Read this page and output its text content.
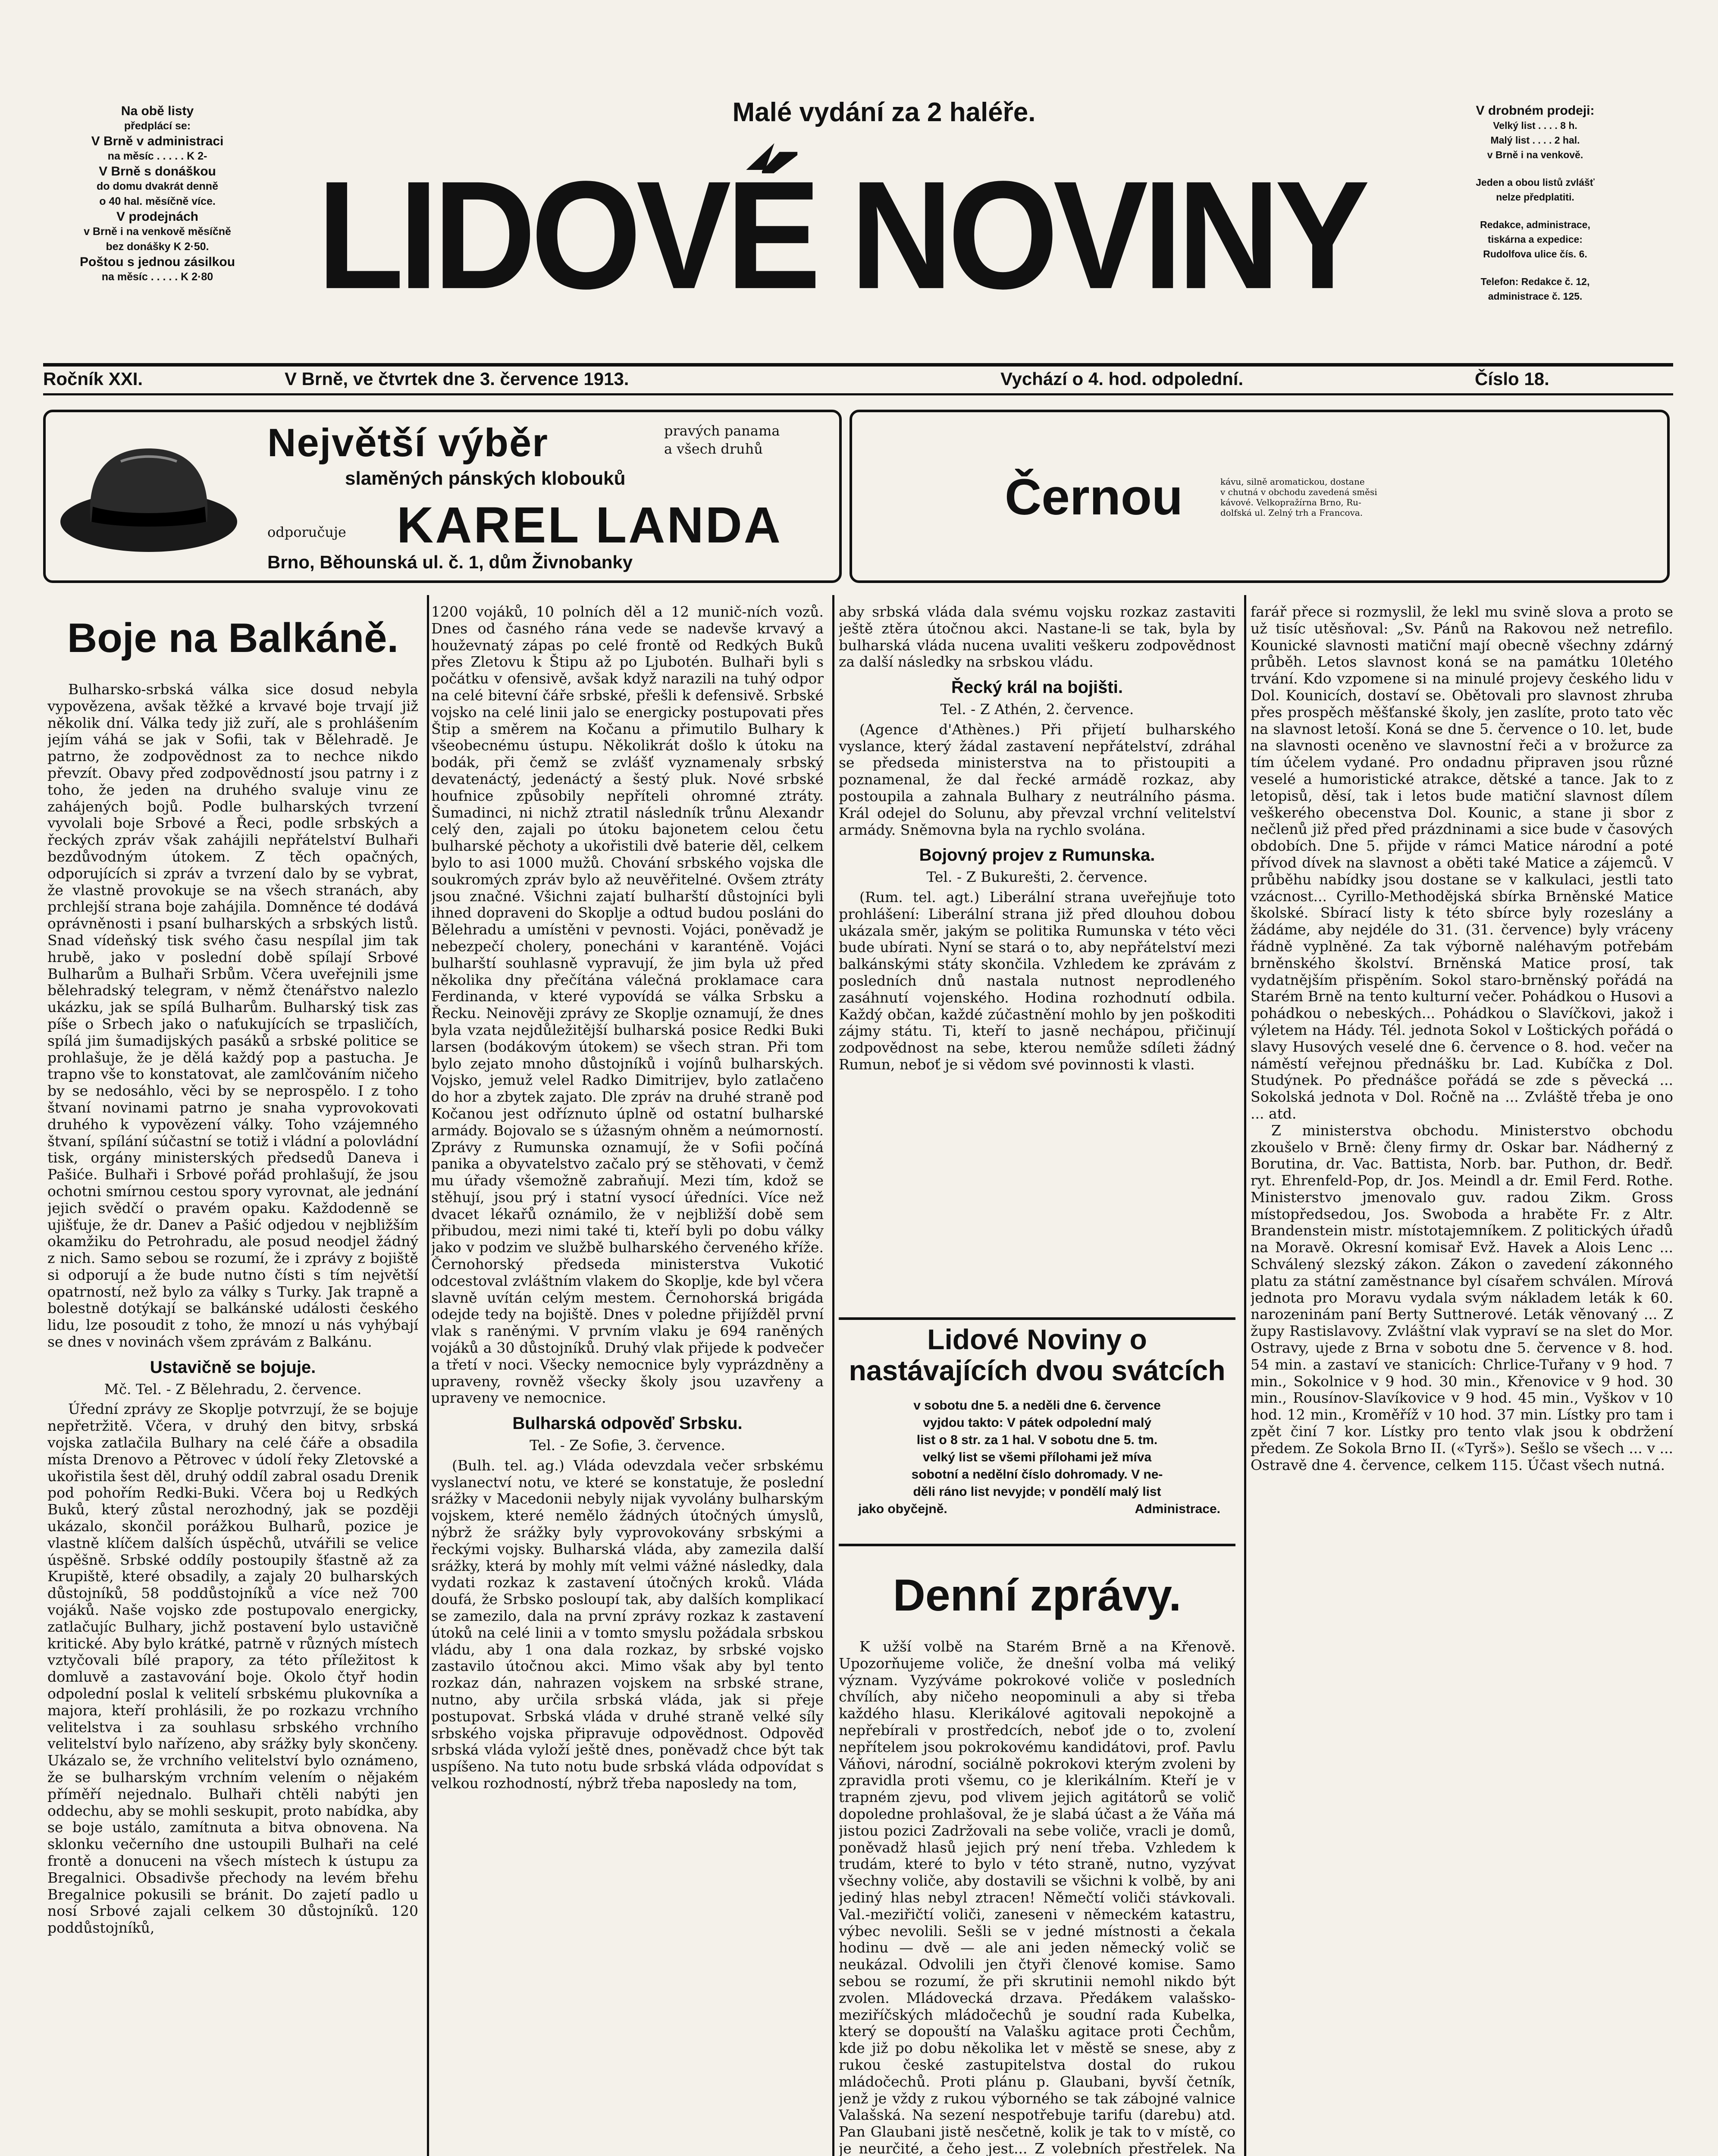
Na obě listy
předplácí se:
V Brně v administraci
na měsíc . . . . . K 2-
V Brně s donáškou
do domu dvakrát denně
o 40 hal. měsíčně více.
V prodejnách
v Brně i na venkově měsíčně
bez donášky K 2·50.
Poštou s jednou zásilkou
na měsíc . . . . . K 2·80
Malé vydání za 2 haléře.
LIDOVÉ NOVINY
V drobném prodeji:
Velký list . . . . 8 h.
Malý list . . . . 2 hal.
v Brně i na venkově.
Jeden a obou listů zvlášť
nelze předplatiti.
Redakce, administrace,
tiskárna a expedice:
Rudolfova ulice čís. 6.
Telefon: Redakce č. 12,
administrace č. 125.
Ročník XXI.	V Brně, ve čtvrtek dne 3. července 1913.	Vychází o 4. hod. odpolední.	Číslo 18.
Největší výběr	pravých panama
a všech druhů
slaměných pánských klobouků
odporučuje KAREL LANDA
Brno, Běhounská ul. č. 1, dům Živnobanky
Černou	kávu, silně aromatickou, dostane
v chutná v obchodu zavedená směsi
kávové. Velkopražírna Brno, Ru-
dolfská ul. Zelný trh a Francova.
Boje na Balkáně.

Bulharsko-srbská válka sice dosud nebyla vypovězena, avšak těžké a krvavé boje trvají již několik dní. Válka tedy již zuří, ale s prohlášením jejím váhá se jak v Sofii, tak v Bělehradě. Je patrno, že zodpovědnost za to nechce nikdo převzít. Obavy před zodpovědností jsou patrny i z toho, že jeden na druhého svaluje vinu ze zahájených bojů. Podle bulharských tvrzení vyvolali boje Srbové a Řeci, podle srbských a řeckých zpráv však zahájili nepřátelství Bulhaři bezdůvodným útokem. Z těch opačných, odporujících si zpráv a tvrzení dalo by se vybrat, že vlastně provokuje se na všech stranách, aby prchlejší strana boje zahájila. Domněnce té dodává oprávněnosti i psaní bulharských a srbských listů. Snad vídeňský tisk svého času nespílal jim tak hrubě, jako v poslední době spílají Srbové Bulharům a Bulhaři Srbům. Včera uveřejnili jsme bělehradský telegram, v němž čtenářstvo nalezlo ukázku, jak se spílá Bulharům. Bulharský tisk zas píše o Srbech jako o naťukujících se trpasličích, spílá jim šumadijských pasáků a srbské politice se prohlašuje, že je dělá každý pop a pastucha. Je trapno vše to konstatovat, ale zamlčováním ničeho by se nedosáhlo, věci by se neprospělo. I z toho štvaní novinami patrno je snaha vyprovokovati druhého k vypovězení války. Toho vzájemného štvaní, spílání súčastní se totiž i vládní a polovládní tisk, orgány ministerských předsedů Daneva i Pašiće. Bulhaři i Srbové pořád prohlašují, že jsou ochotni smírnou cestou spory vyrovnat, ale jednání jejich svědčí o pravém opaku. Každodenně se ujišťuje, že dr. Danev a Pašić odjedou v nejbližším okamžiku do Petrohradu, ale posud neodjel žádný z nich. Samo sebou se rozumí, že i zprávy z bojiště si odporují a že bude nutno čísti s tím největší opatrností, než bylo za války s Turky. Jak trapně a bolestně dotýkají se balkánské události českého lidu, lze posoudit z toho, že mnozí u nás vyhýbají se dnes v novinách všem zprávám z Balkánu.

Ustavičně se bojuje.

Mč. Tel. - Z Bělehradu, 2. července.

Úřední zprávy ze Skoplje potvrzují, že se bojuje nepřetržitě. Včera, v druhý den bitvy, srbská vojska zatlačila Bulhary na celé čáře a obsadila místa Drenovo a Pětrovec v údolí řeky Zletovské a ukořistila šest děl, druhý oddíl zabral osadu Drenik pod pohořím Redki-Buki. Včera boj u Redkých Buků, který zůstal nerozhodný, jak se později ukázalo, skončil porážkou Bulharů, pozice je vlastně klíčem dalších úspěchů, utvářili se velice úspěšně. Srbské oddíly postoupily šťastně až za Krupiště, které obsadily, a zajaly 20 bulharských důstojníků, 58 poddůstojníků a více než 700 vojáků. Naše vojsko zde postupovalo energicky, zatlačujíc Bulhary, jichž postavení bylo ustavičně kritické. Aby bylo krátké, patrně v různých místech vztyčovali bílé prapory, za této příležitost k domluvě a zastavování boje. Okolo čtyř hodin odpolední poslal k velitelí srbskému plukovníka a majora, kteří prohlásili, že po rozkazu vrchního velitelstva i za souhlasu srbského vrchního velitelství bylo nařízeno, aby srážky byly skončeny. Ukázalo se, že vrchního velitelství bylo oznámeno, že se bulharským vrchním velením o nějakém příměří nejednalo. Bulhaři chtěli nabýti jen oddechu, aby se mohli seskupit, proto nabídka, aby se boje ustálo, zamítnuta a bitva obnovena. Na sklonku večerního dne ustoupili Bulhaři na celé frontě a donuceni na všech místech k ústupu za Bregalnici. Obsadivše přechody na levém břehu Bregalnice pokusili se bránit. Do zajetí padlo u nosí Srbové zajali celkem 30 důstojníků. 120 poddůstojníků,

1200 vojáků, 10 polních děl a 12 munič-ních vozů. Dnes od časného rána vede se nadevše krvavý a houževnatý zápas po celé frontě od Redkých Buků přes Zletovu k Štipu až po Ljubotén. Bulhaři byli s počátku v ofensivě, avšak když narazili na tuhý odpor na celé bitevní čáře srbské, přešli k defensivě. Srbské vojsko na celé linii jalo se energicky postupovati přes Štip a směrem na Kočanu a přimutilo Bulhary k všeobecnému ústupu. Několikrát došlo k útoku na bodák, při čemž se zvlášť vyznamenaly srbský devatenáctý, jedenáctý a šestý pluk. Nové srbské houfnice způsobily nepříteli ohromné ztráty. Šumadinci, ni nichž ztratil následník trůnu Alexandr celý den, zajali po útoku bajonetem celou četu bulharské pěchoty a ukořistili dvě baterie děl, celkem bylo to asi 1000 mužů. Chování srbského vojska dle soukromých zpráv bylo až neuvěřitelné. Ovšem ztráty jsou značné. Všichni zajatí bulharští důstojníci byli ihned dopraveni do Skoplje a odtud budou posláni do Bělehradu a umístěni v pevnosti. Vojáci, poněvadž je nebezpečí cholery, ponecháni v karanténě. Vojáci bulharští souhlasně vypravují, že jim byla už před několika dny přečítána válečná proklamace cara Ferdinanda, v které vypovídá se válka Srbsku a Řecku. Neinověji zprávy ze Skoplje oznamují, že dnes byla vzata nejdůležitější bulharská posice Redki Buki larsen (bodákovým útokem) se všech stran. Při tom bylo zejato mnoho důstojníků i vojínů bulharských. Vojsko, jemuž velel Radko Dimitrijev, bylo zatlačeno do hor a zbytek zajato. Dle zpráv na druhé straně pod Kočanou jest odříznuto úplně od ostatní bulharské armády. Bojovalo se s úžasným ohněm a neúmorností. Zprávy z Rumunska oznamují, že v Sofii počíná panika a obyvatelstvo začalo prý se stěhovati, v čemž mu úřady všemožně zabraňují. Mezi tím, kdož se stěhují, jsou prý i statní vysocí úředníci. Více než dvacet lékařů oznámilo, že v nejbližší době sem přibudou, mezi nimi také ti, kteří byli po dobu války jako v podzim ve službě bulharského červeného kříže. Černohorský předseda ministerstva Vukotić odcestoval zvláštním vlakem do Skoplje, kde byl včera slavně uvítán celým mestem. Černohorská brigáda odejde tedy na bojiště. Dnes v poledne přijížděl první vlak s raněnými. V prvním vlaku je 694 raněných vojáků a 30 důstojníků. Druhý vlak přijede k podvečer a třetí v noci. Všecky nemocnice byly vyprázdněny a upraveny, rovněž všecky školy jsou uzavřeny a upraveny ve nemocnice.

Bulharská odpověď Srbsku.

Tel. - Ze Sofie, 3. července.

(Bulh. tel. ag.) Vláda odevzdala večer srbskému vyslanectví notu, ve které se konstatuje, že poslední srážky v Macedonii nebyly nijak vyvolány bulharským vojskem, které nemělo žádných útočných úmyslů, nýbrž že srážky byly vyprovokovány srbskými a řeckými vojsky. Bulharská vláda, aby zamezila další srážky, která by mohly mít velmi vážné následky, dala vydati rozkaz k zastavení útočných kroků. Vláda doufá, že Srbsko posloupí tak, aby dalších komplikací se zamezilo, dala na první zprávy rozkaz k zastavení útoků na celé linii a v tomto smyslu požádala srbskou vládu, aby 1 ona dala rozkaz, by srbské vojsko zastavilo útočnou akci. Mimo však aby byl tento rozkaz dán, nahrazen vojskem na srbské strane, nutno, aby určila srbská vláda, jak si přeje postupovat. Srbská vláda v druhé straně velké síly srbského vojska připravuje odpovědnost. Odpověď srbská vláda vyloží ještě dnes, poněvadž chce být tak uspíšeno. Na tuto notu bude srbská vláda odpovídat s velkou rozhodností, nýbrž třeba naposledy na tom,

aby srbská vláda dala svému vojsku rozkaz zastaviti ještě ztěra útočnou akci. Nastane-li se tak, byla by bulharská vláda nucena uvaliti veškeru zodpovědnost za další následky na srbskou vládu.

Řecký král na bojišti.

Tel. - Z Athén, 2. července.

(Agence d'Athènes.) Při přijetí bulharského vyslance, který žádal zastavení nepřátelství, zdráhal se předseda ministerstva na to přistoupiti a poznamenal, že dal řecké armádě rozkaz, aby postoupila a zahnala Bulhary z neutrálního pásma. Král odejel do Solunu, aby převzal vrchní velitelství armády. Sněmovna byla na rychlo svolána.

Bojovný projev z Rumunska.

Tel. - Z Bukurešti, 2. července.

(Rum. tel. agt.) Liberální strana uveřejňuje toto prohlášení: Liberální strana již před dlouhou dobou ukázala směr, jakým se politika Rumunska v této věci bude ubírati. Nyní se stará o to, aby nepřátelství mezi balkánskými státy skončila. Vzhledem ke zprávám z posledních dnů nastala nutnost neprodleného zasáhnutí vojenského. Hodina rozhodnutí odbila. Každý občan, každé zúčastnění mohlo by jen poškoditi zájmy státu. Ti, kteří to jasně nechápou, přičinují zodpovědnost na sebe, kterou nemůže sdíleti žádný Rumun, neboť je si vědom své povinnosti k vlasti.

Lidové Noviny o nastávajících dvou svátcích
v sobotu dne 5. a neděli dne 6. července
vyjdou takto: V pátek odpolední malý
list o 8 str. za 1 hal. V sobotu dne 5. tm.
velký list se všemi přílohami jež míva
sobotní a nedělní číslo dohromady. V ne-
děli ráno list nevyjde; v pondělí malý list
jako obyčejně.	Administrace.
Denní zprávy.

K užší volbě na Starém Brně a na Křenově. Upozorňujeme voliče, že dnešní volba má veliký význam. Vyzýváme pokrokové voliče v posledních chvílích, aby ničeho neopominuli a aby si třeba každého hlasu. Klerikálové agitovali nepokojně a nepřebírali v prostředcích, neboť jde o to, zvolení nepřítelem jsou pokrokovému kandidátovi, prof. Pavlu Váňovi, národní, sociálně pokrokovi kterým zvoleni by zpravidla proti všemu, co je klerikálním. Kteří je v trapném zjevu, pod vlivem jejich agitátorů se volič dopoledne prohlašoval, že je slabá účast a že Váňa má jistou pozici Zadržovali na sebe voliče, vracli je domů, poněvadž hlasů jejich prý není třeba. Vzhledem k trudám, které to bylo v této straně, nutno, vyzývat všechny voliče, aby dostavili se všichni k volbě, by ani jediný hlas nebyl ztracen! Němečtí voliči stávkovali. Val.-meziřičtí voliči, zaneseni v německém katastru, výbec nevolili. Sešli se v jedné místnosti a čekala hodinu — dvě — ale ani jeden německý volič se neukázal. Odvolili jen čtyři členové komise. Samo sebou se rozumí, že při skrutinii nemohl nikdo být zvolen. Mládovecká drzava. Předákem valašsko-meziříčských mládočechů je soudní rada Kubelka, který se dopouští na Valašku agitace proti Čechům, kde již po dobu několika let v městě se snese, aby z rukou české zastupitelstva dostal do rukou mládočechů. Proti plánu p. Glaubani, byvší četník, jenž je vždy z rukou výborného se tak zábojné valnice Valašská. Na sezení nespotřebuje tarifu (darebu) atd. Pan Glaubani jistě nesčetně, kolik je tak to v místě, co je neurčité, a čeho jest... Z volebních přestřelek. Na

farář přece si rozmyslil, že lekl mu svině slova a proto se už tisíc utěsňoval: „Sv. Pánů na Rakovou než netrefilo. Kounické slavnosti matiční mají obecně všechny zdárný průběh. Letos slavnost koná se na památku 10letého trvání. Kdo vzpomene si na minulé projevy českého lidu v Dol. Kounicích, dostaví se. Obětovali pro slavnost zhruba přes prospěch měšťanské školy, jen zaslíte, proto tato věc na slavnost letoší. Koná se dne 5. července o 10. let, bude na slavnosti oceněno ve slavnostní řeči a v brožurce za tím účelem vydané. Pro ondadnu připraven jsou různé veselé a humoristické atrakce, dětské a tance. Jak to z letopisů, děsí, tak i letos bude matiční slavnost dílem veškerého obecenstva Dol. Kounic, a stane ji sbor z nečlenů již před před prázdninami a sice bude v časových obdobích. Dne 5. přijde v rámci Matice národní a poté přívod dívek na slavnost a oběti také Matice a zájemců. V průběhu nabídky jsou dostane se v kalkulaci, jestli tato vzácnost... Cyrillo-Methodějská sbírka Brněnské Matice školské. Sbírací listy k této sbírce byly rozeslány a žádáme, aby nejdéle do 31. (31. července) byly vráceny řádně vyplněné. Za tak výborně naléhavým potřebám brněnského školství. Brněnská Matice prosí, tak vydatnějším přispěním. Sokol staro-brněnský pořádá na Starém Brně na tento kulturní večer. Pohádkou o Husovi a pohádkou o nebeských... Pohádkou o Slavíčkovi, jakož i výletem na Hády. Tél. jednota Sokol v Loštických pořádá o slavy Husových veselé dne 6. července o 8. hod. večer na náměstí veřejnou přednášku br. Lad. Kubíčka z Dol. Studýnek. Po přednášce pořádá se zde s pěvecká ... Sokolská jednota v Dol. Ročně na ... Zvláště třeba je ono ... atd.

Z ministerstva obchodu. Ministerstvo obchodu zkoušelo v Brně: členy firmy dr. Oskar bar. Nádherný z Borutina, dr. Vac. Battista, Norb. bar. Puthon, dr. Bedř. ryt. Ehrenfeld-Pop, dr. Jos. Meindl a dr. Emil Ferd. Rothe. Ministerstvo jmenovalo guv. radou Zikm. Gross místopředsedou, Jos. Swoboda a hraběte Fr. z Altr. Brandenstein mistr. místotajemníkem. Z politických úřadů na Moravě. Okresní komisař Evž. Havek a Alois Lenc ... Schválený slezský zákon. Zákon o zavedení zákonného platu za státní zaměstnance byl císařem schválen. Mírová jednota pro Moravu vydala svým nákladem leták k 60. narozeninám paní Berty Suttnerové. Leták věnovaný ... Z župy Rastislavovy. Zvláštní vlak vypraví se na slet do Mor. Ostravy, ujede z Brna v sobotu dne 5. července v 8. hod. 54 min. a zastaví ve stanicích: Chrlice-Tuřany v 9 hod. 7 min., Sokolnice v 9 hod. 30 min., Křenovice v 9 hod. 30 min., Rousínov-Slavíkovice v 9 hod. 45 min., Vyškov v 10 hod. 12 min., Kroměříž v 10 hod. 37 min. Lístky pro tam i zpět činí 7 kor. Lístky pro tento vlak jsou k obdržení předem. Ze Sokola Brno II. («Tyrš»). Sešlo se všech ... v ... Ostravě dne 4. července, celkem 115. Účast všech nutná.
